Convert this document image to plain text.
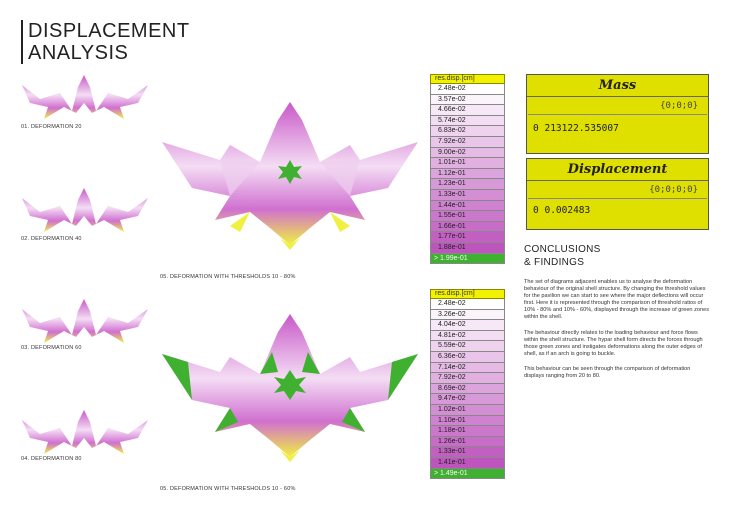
DISPLACEMENT
ANALYSIS
01. DEFORMATION 20
02. DEFORMATION 40
03. DEFORMATION 60
04. DEFORMATION 80
05. DEFORMATION WITH THRESHOLDS 10 - 80%
05. DEFORMATION WITH THRESHOLDS 10 - 60%
res.disp.[cm]
2.48e-02
3.57e-02
4.66e-02
5.74e-02
6.83e-02
7.92e-02
9.00e-02
1.01e-01
1.12e-01
1.23e-01
1.33e-01
1.44e-01
1.55e-01
1.66e-01
1.77e-01
1.88e-01
> 1.99e-01
res.disp.[cm]
2.48e-02
3.26e-02
4.04e-02
4.81e-02
5.59e-02
6.36e-02
7.14e-02
7.92e-02
8.69e-02
9.47e-02
1.02e-01
1.10e-01
1.18e-01
1.26e-01
1.33e-01
1.41e-01
> 1.49e-01
Mass
{0;0;0}
0 213122.535007
Displacement
{0;0;0;0}
0 0.002483
CONCLUSIONS
& FINDINGS
The set of diagrams adjacent enables us to analyse the deformation behaviour of the original shell structure. By changing the threshold values for the pavilion we can start to see where the major deflections will occur first. Here it is represented through the comparison of threshold ratios of 10% - 80% and 10% - 60%, displayed through the increase of green zones within the shell.
The behaviour directly relates to the loading behaviour and force flows within the shell structure. The hypar shell form directs the forces through those green zones and instigates deformations along the outer edges of shell, as if an arch is going to buckle.
This behaviour can be seen through the comparison of deformation displays ranging from 20 to 80.
